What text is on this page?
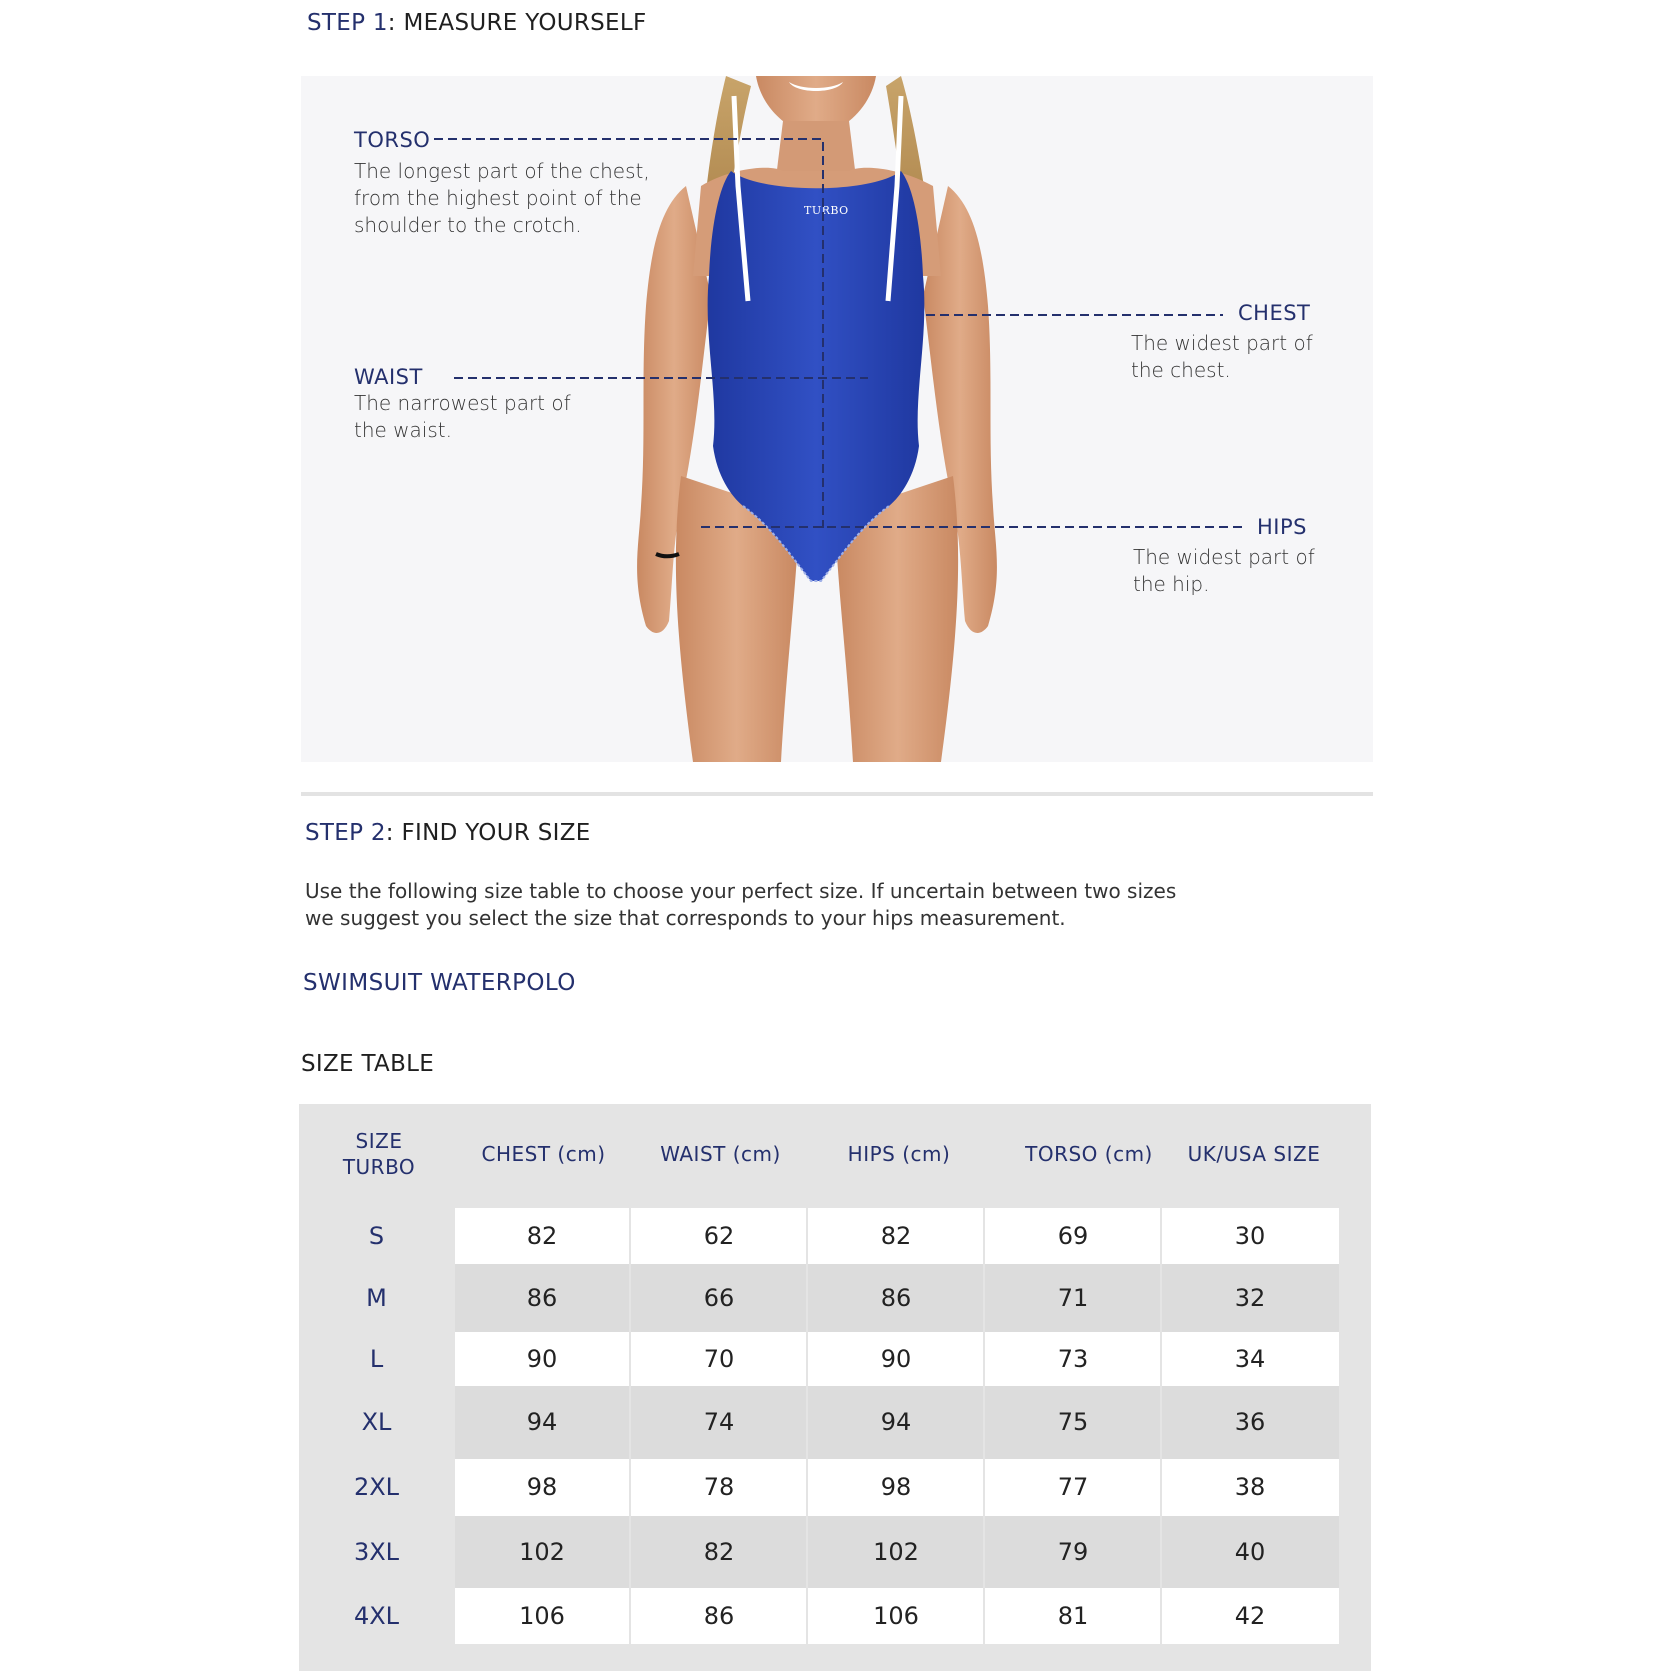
STEP 1: MEASURE YOURSELF
TURBO
TORSO
The longest part of the chest,
from the highest point of the
shoulder to the crotch.
CHEST
The widest part of
the chest.
WAIST
The narrowest part of
the waist.
HIPS
The widest part of
the hip.
STEP 2: FIND YOUR SIZE
Use the following size table to choose your perfect size. If uncertain between two sizes
we suggest you select the size that corresponds to your hips measurement.
SWIMSUIT WATERPOLO
SIZE TABLE
SIZE
TURBO
CHEST (cm)	WAIST (cm)	HIPS (cm)	TORSO (cm)	UK/USA SIZE
S	82	62	82	69	30
M	86	66	86	71	32
L	90	70	90	73	34
XL	94	74	94	75	36
2XL	98	78	98	77	38
3XL	102	82	102	79	40
4XL	106	86	106	81	42
